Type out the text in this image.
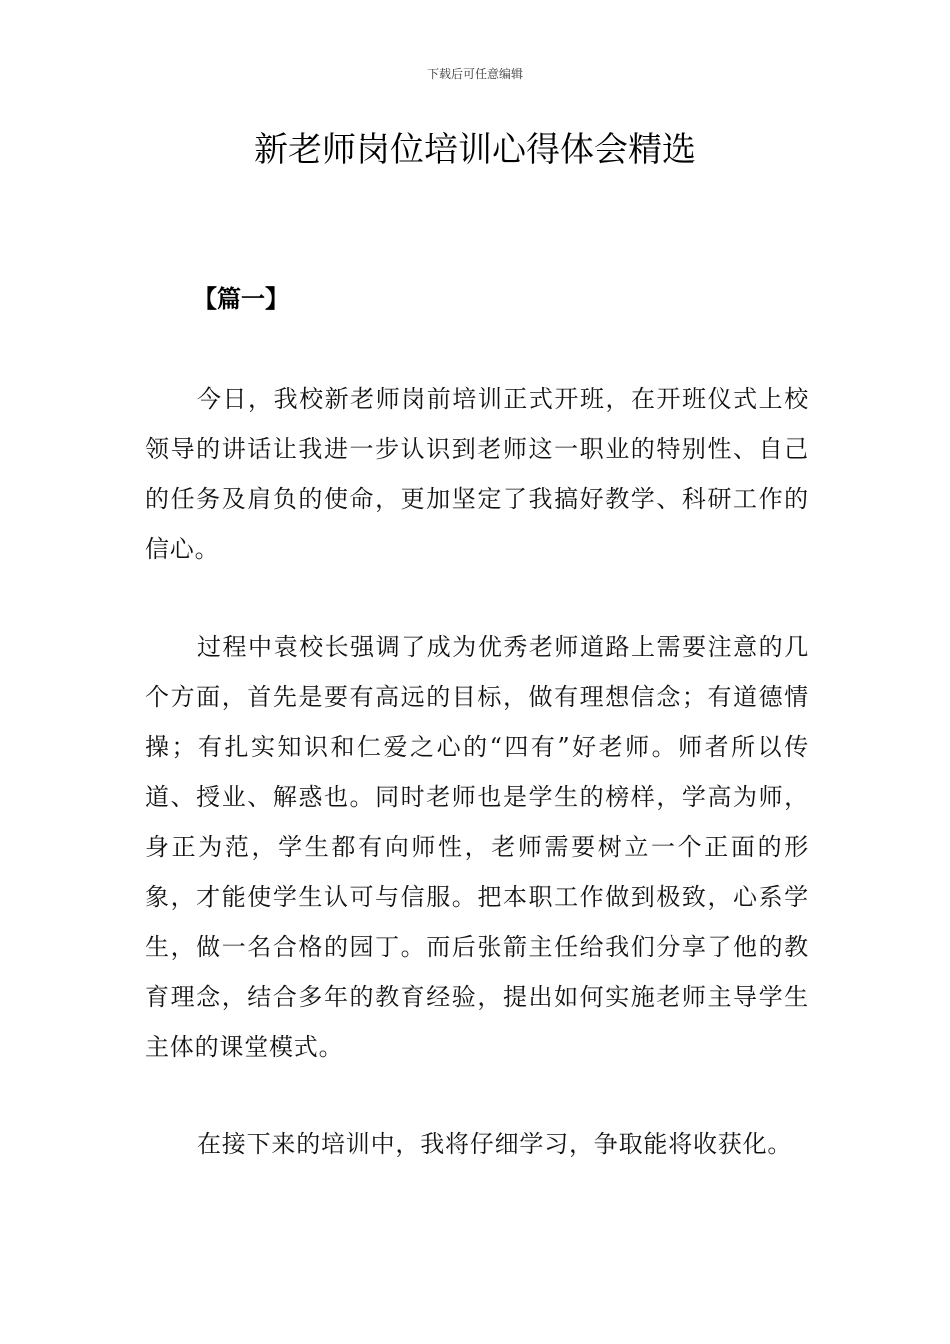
下载后可任意编辑
新老师岗位培训心得体会精选
【篇一】

今日，我校新老师岗前培训正式开班，在开班仪式上校领导的讲话让我进一步认识到老师这一职业的特别性、自己的任务及肩负的使命，更加坚定了我搞好教学、科研工作的信心。

过程中袁校长强调了成为优秀老师道路上需要注意的几个方面，首先是要有高远的目标，做有理想信念；有道德情操；有扎实知识和仁爱之心的“四有”好老师。师者所以传道、授业、解惑也。同时老师也是学生的榜样，学高为师，身正为范，学生都有向师性，老师需要树立一个正面的形象，才能使学生认可与信服。把本职工作做到极致，心系学生，做一名合格的园丁。而后张箭主任给我们分享了他的教育理念，结合多年的教育经验，提出如何实施老师主导学生主体的课堂模式。

在接下来的培训中，我将仔细学习，争取能将收获化。
